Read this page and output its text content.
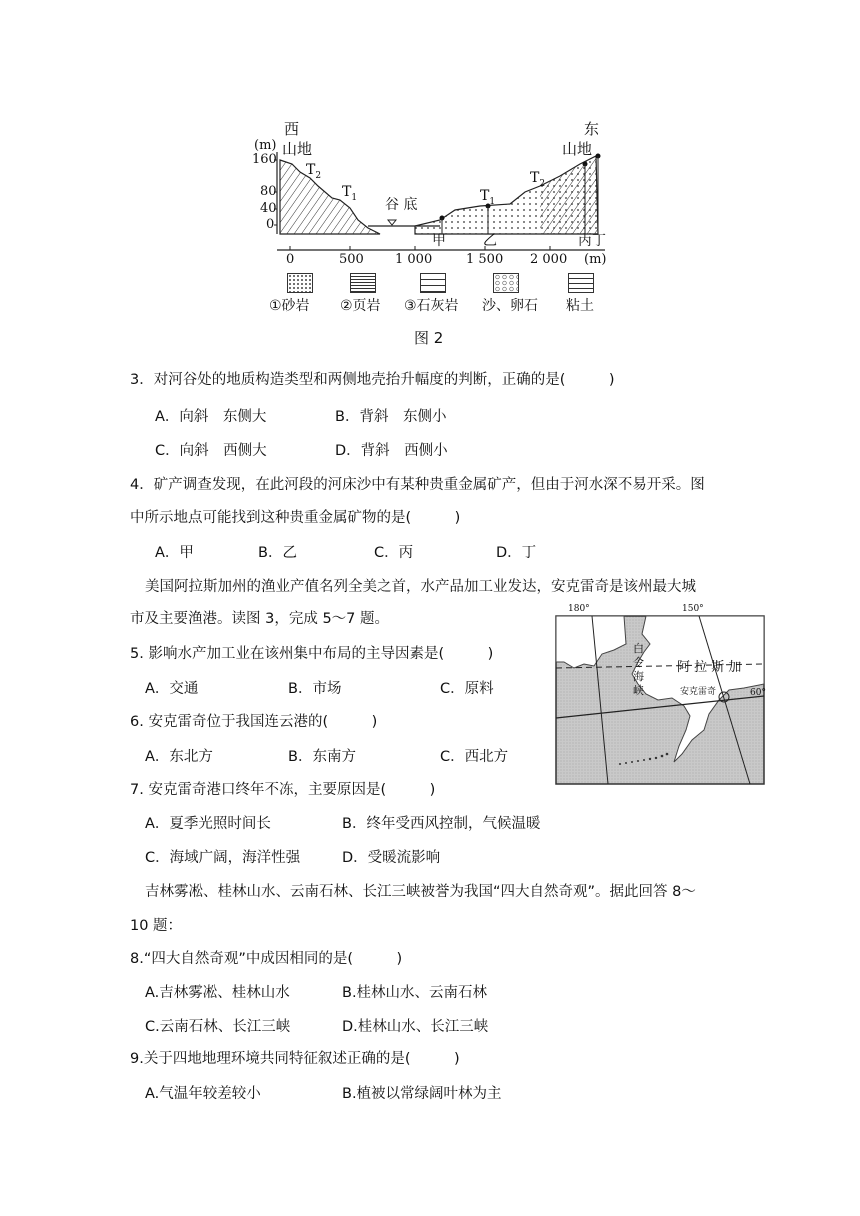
西
(m) 山地
160
80
40
0
$T_2$
$T_1$ 谷 底
$T_1$
$T_2$
东
山地
甲	乙	丙丁
0	500 1 000	1 500 2 000 (m)
①砂岩 ②页岩 ③石灰岩 沙、卵石 粘土
图 2
3．对河谷处的地质构造类型和两侧地壳抬升幅度的判断，正确的是(　　　)
A．向斜　东侧大	B．背斜　东侧小
C．向斜　西侧大	D．背斜　西侧小
4．矿产调查发现，在此河段的河床沙中有某种贵重金属矿产，但由于河水深不易开采。图
中所示地点可能找到这种贵重金属矿物的是(　　　)
A．甲	B．乙	C．丙	D．丁
美国阿拉斯加州的渔业产值名列全美之首，水产品加工业发达，安克雷奇是该州最大城
市及主要渔港。读图 3，完成 5～7 题。
180°	150°
60°
白
令
海
峡
阿 拉 斯 加
安克雷奇
5. 影响水产加工业在该州集中布局的主导因素是(　　　)
A．交通	B．市场	C．原料
6. 安克雷奇位于我国连云港的(　　　)
A．东北方	B．东南方	C．西北方
7. 安克雷奇港口终年不冻，主要原因是(　　　)
A．夏季光照时间长	B．终年受西风控制，气候温暖
C．海域广阔，海洋性强	D．受暖流影响
吉林雾凇、桂林山水、云南石林、长江三峡被誉为我国“四大自然奇观”。据此回答 8～
10 题：
8.“四大自然奇观”中成因相同的是(　　　)
A.吉林雾凇、桂林山水	B.桂林山水、云南石林
C.云南石林、长江三峡	D.桂林山水、长江三峡
9.关于四地地理环境共同特征叙述正确的是(　　　)
A.气温年较差较小	B.植被以常绿阔叶林为主
